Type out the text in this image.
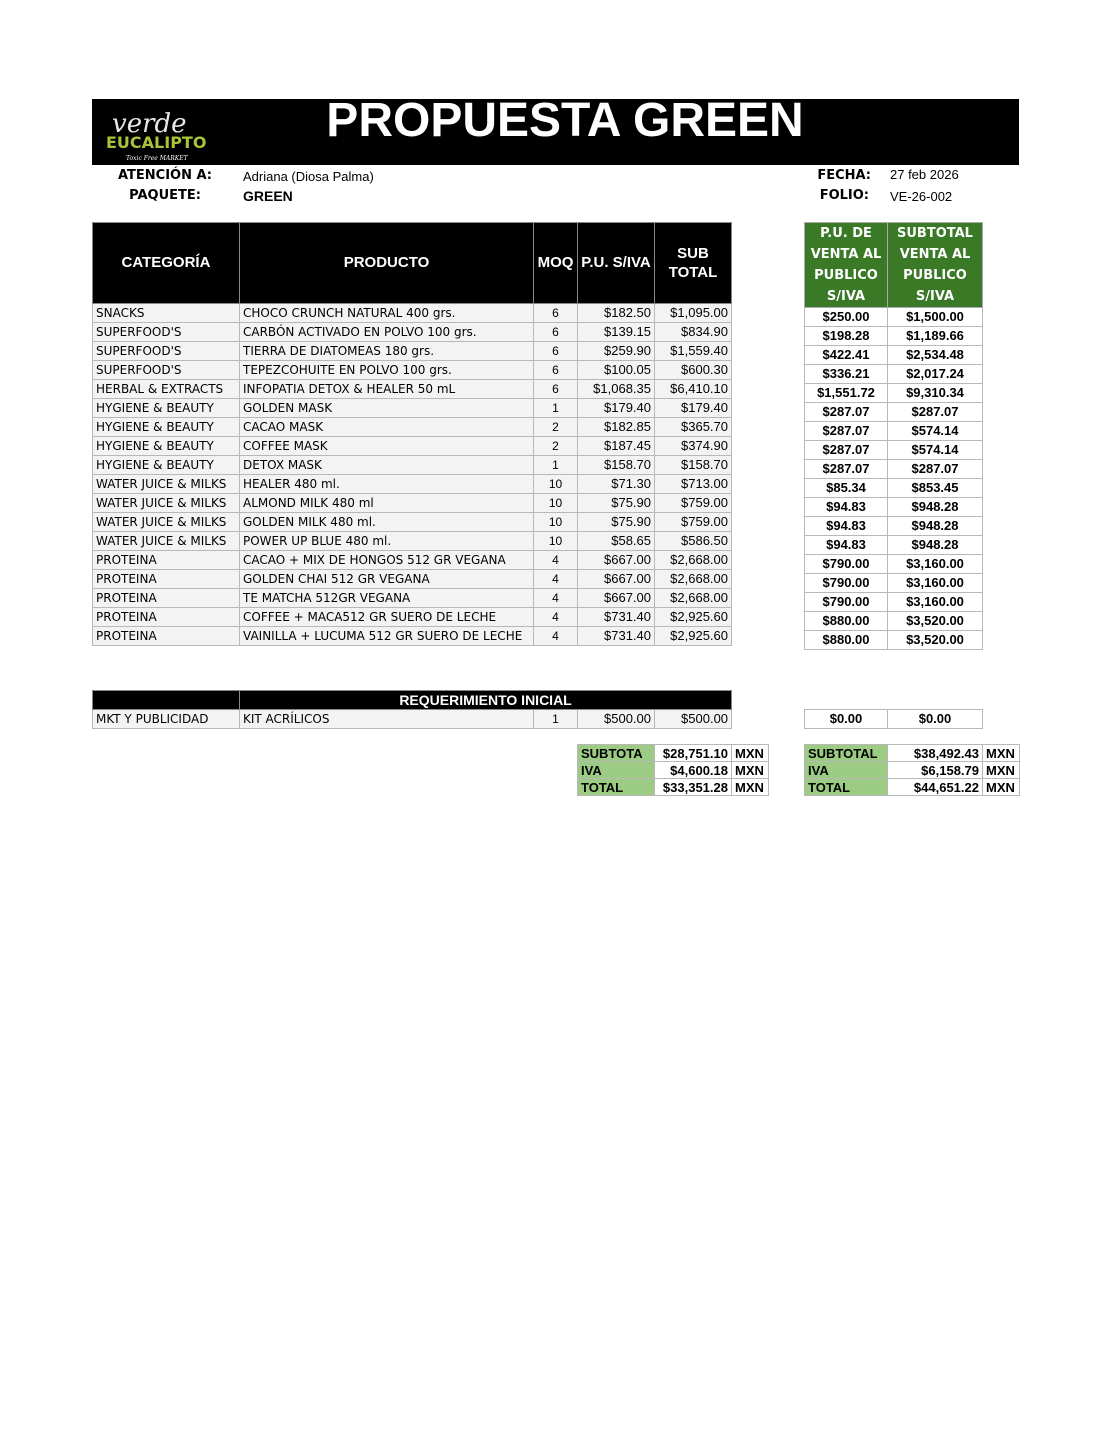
verde
EUCALIPTO
Toxic Free MARKET
PROPUESTA GREEN
ATENCIÓN A: Adriana (Diosa Palma)
PAQUETE:	GREEN
FECHA: 27 feb 2026
FOLIO: VE-26-002
CATEGORÍA	PRODUCTO	MOQ	P.U. S/IVA	SUB TOTAL
SNACKS	CHOCO CRUNCH NATURAL 400 grs.	6	$182.50	$1,095.00
SUPERFOOD'S	CARBÓN ACTIVADO EN POLVO 100 grs.	6	$139.15	$834.90
SUPERFOOD'S	TIERRA DE DIATOMEAS 180 grs.	6	$259.90	$1,559.40
SUPERFOOD'S	TEPEZCOHUITE EN POLVO 100 grs.	6	$100.05	$600.30
HERBAL & EXTRACTS	INFOPATIA DETOX & HEALER 50 mL	6	$1,068.35	$6,410.10
HYGIENE & BEAUTY	GOLDEN MASK	1	$179.40	$179.40
HYGIENE & BEAUTY	CACAO MASK	2	$182.85	$365.70
HYGIENE & BEAUTY	COFFEE MASK	2	$187.45	$374.90
HYGIENE & BEAUTY	DETOX MASK	1	$158.70	$158.70
WATER JUICE & MILKS	HEALER 480 ml.	10	$71.30	$713.00
WATER JUICE & MILKS	ALMOND MILK 480 ml	10	$75.90	$759.00
WATER JUICE & MILKS	GOLDEN MILK 480 ml.	10	$75.90	$759.00
WATER JUICE & MILKS	POWER UP BLUE 480 ml.	10	$58.65	$586.50
PROTEINA	CACAO + MIX DE HONGOS 512 GR VEGANA	4	$667.00	$2,668.00
PROTEINA	GOLDEN CHAI 512 GR VEGANA	4	$667.00	$2,668.00
PROTEINA	TE MATCHA 512GR VEGANA	4	$667.00	$2,668.00
PROTEINA	COFFEE + MACA512 GR SUERO DE LECHE	4	$731.40	$2,925.60
PROTEINA	VAINILLA + LUCUMA 512 GR SUERO DE LECHE	4	$731.40	$2,925.60
P.U. DE VENTA AL PUBLICO S/IVA	SUBTOTAL VENTA AL PUBLICO S/IVA
$250.00	$1,500.00
$198.28	$1,189.66
$422.41	$2,534.48
$336.21	$2,017.24
$1,551.72	$9,310.34
$287.07	$287.07
$287.07	$574.14
$287.07	$574.14
$287.07	$287.07
$85.34	$853.45
$94.83	$948.28
$94.83	$948.28
$94.83	$948.28
$790.00	$3,160.00
$790.00	$3,160.00
$790.00	$3,160.00
$880.00	$3,520.00
$880.00	$3,520.00
	REQUERIMIENTO INICIAL			
MKT Y PUBLICIDAD	KIT ACRÍLICOS	1	$500.00	$500.00	$0.00	$0.00
SUBTOTA	$28,751.10	MXN
IVA	$4,600.18	MXN
TOTAL	$33,351.28	MXN
SUBTOTAL	$38,492.43	MXN
IVA	$6,158.79	MXN
TOTAL	$44,651.22	MXN
